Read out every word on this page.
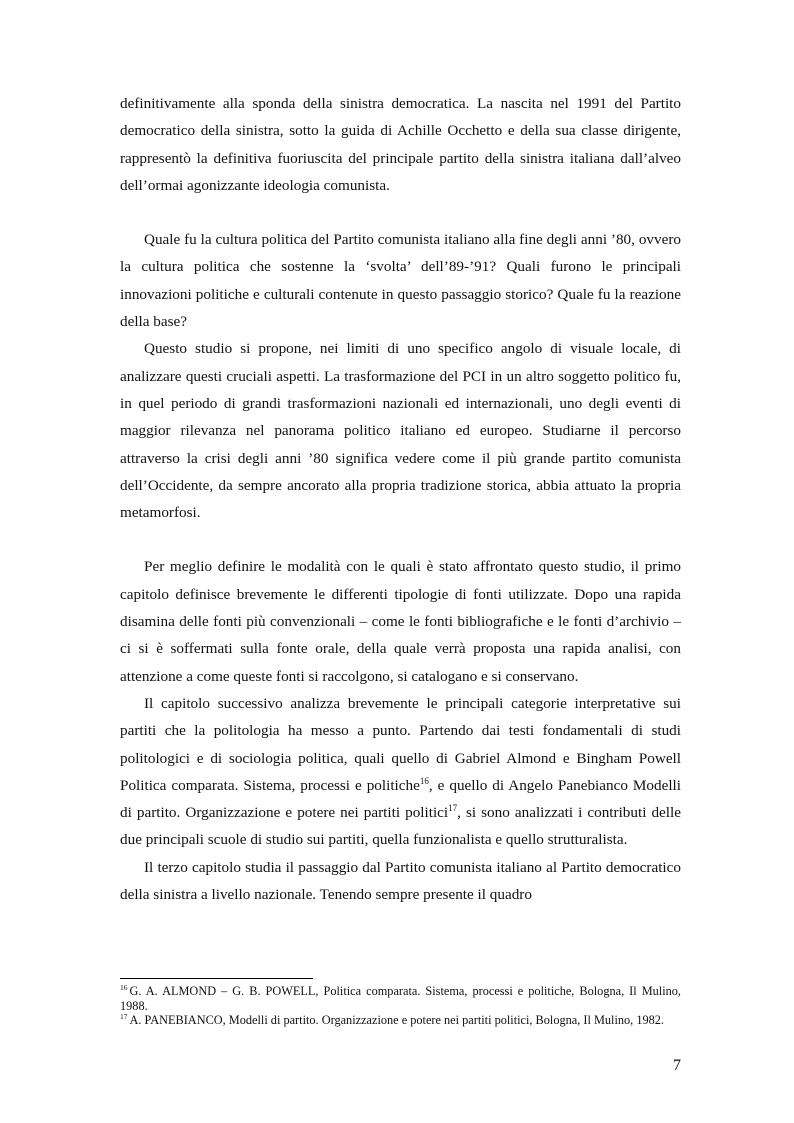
definitivamente alla sponda della sinistra democratica. La nascita nel 1991 del Partito democratico della sinistra, sotto la guida di Achille Occhetto e della sua classe dirigente, rappresentò la definitiva fuoriuscita del principale partito della sinistra italiana dall’alveo dell’ormai agonizzante ideologia comunista.

Quale fu la cultura politica del Partito comunista italiano alla fine degli anni ’80, ovvero la cultura politica che sostenne la ‘svolta’ dell’89-’91? Quali furono le principali innovazioni politiche e culturali contenute in questo passaggio storico? Quale fu la reazione della base?

Questo studio si propone, nei limiti di uno specifico angolo di visuale locale, di analizzare questi cruciali aspetti. La trasformazione del PCI in un altro soggetto politico fu, in quel periodo di grandi trasformazioni nazionali ed internazionali, uno degli eventi di maggior rilevanza nel panorama politico italiano ed europeo. Studiarne il percorso attraverso la crisi degli anni ’80 significa vedere come il più grande partito comunista dell’Occidente, da sempre ancorato alla propria tradizione storica, abbia attuato la propria metamorfosi.

Per meglio definire le modalità con le quali è stato affrontato questo studio, il primo capitolo definisce brevemente le differenti tipologie di fonti utilizzate. Dopo una rapida disamina delle fonti più convenzionali – come le fonti bibliografiche e le fonti d’archivio – ci si è soffermati sulla fonte orale, della quale verrà proposta una rapida analisi, con attenzione a come queste fonti si raccolgono, si catalogano e si conservano.

Il capitolo successivo analizza brevemente le principali categorie interpretative sui partiti che la politologia ha messo a punto. Partendo dai testi fondamentali di studi politologici e di sociologia politica, quali quello di Gabriel Almond e Bingham Powell Politica comparata. Sistema, processi e politiche$^{16}$, e quello di Angelo Panebianco Modelli di partito. Organizzazione e potere nei partiti politici$^{17}$, si sono analizzati i contributi delle due principali scuole di studio sui partiti, quella funzionalista e quello strutturalista.

Il terzo capitolo studia il passaggio dal Partito comunista italiano al Partito democratico della sinistra a livello nazionale. Tenendo sempre presente il quadro

$^{16}$ G. A. ALMOND – G. B. POWELL, Politica comparata. Sistema, processi e politiche, Bologna, Il Mulino, 1988.

$^{17}$ A. PANEBIANCO, Modelli di partito. Organizzazione e potere nei partiti politici, Bologna, Il Mulino, 1982.

7
